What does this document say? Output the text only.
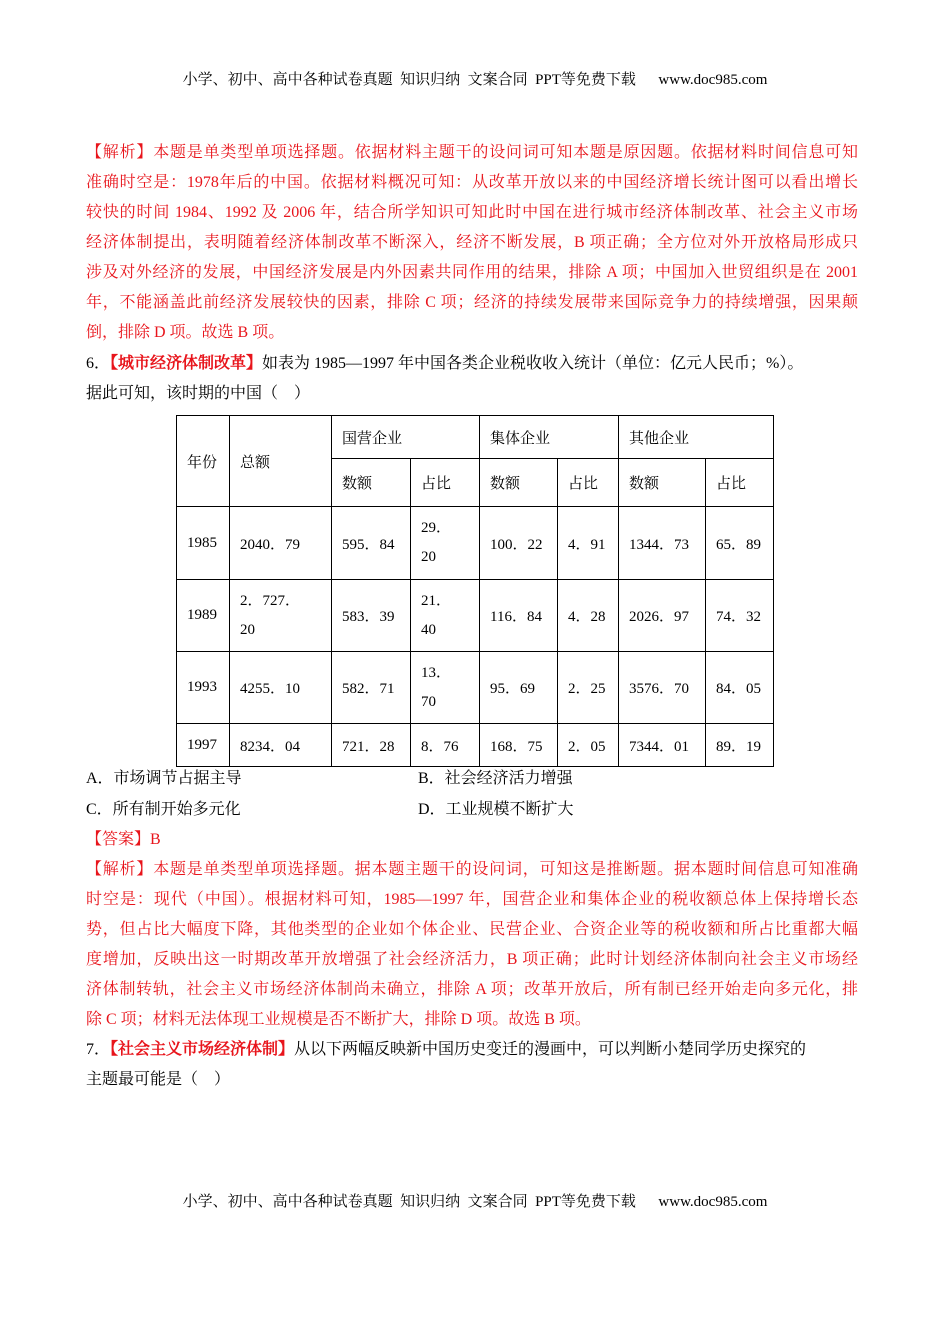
小学、初中、高中各种试卷真题  知识归纳  文案合同  PPT等免费下载      www.doc985.com
【解析】本题是单类型单项选择题。依据材料主题干的设问词可知本题是原因题。依据材料时间信息可知
准确时空是：1978年后的中国。依据材料概况可知：从改革开放以来的中国经济增长统计图可以看出增长
较快的时间 1984、1992 及 2006 年，结合所学知识可知此时中国在进行城市经济体制改革、社会主义市场
经济体制提出，表明随着经济体制改革不断深入，经济不断发展，B 项正确；全方位对外开放格局形成只
涉及对外经济的发展，中国经济发展是内外因素共同作用的结果，排除 A 项；中国加入世贸组织是在 2001
年，不能涵盖此前经济发展较快的因素，排除 C 项；经济的持续发展带来国际竞争力的持续增强，因果颠
倒，排除 D 项。故选 B 项。
6．【城市经济体制改革】如表为 1985—1997 年中国各类企业税收收入统计（单位：亿元人民币；%）。
据此可知，该时期的中国（　）
年份	总额	国营企业		集体企业		其他企业	
		数额	占比	数额	占比	数额	占比
1985	2040．79	595．84	29．20	100．22	4．91	1344．73	65．89
1989	2．727．20	583．39	21．40	116．84	4．28	2026．97	74．32
1993	4255．10	582．71	13．70	95．69	2．25	3576．70	84．05
1997	8234．04	721．28	8．76	168．75	2．05	7344．01	89．19
A．市场调节占据主导	B．社会经济活力增强
C．所有制开始多元化	D．工业规模不断扩大
【答案】B
【解析】本题是单类型单项选择题。据本题主题干的设问词，可知这是推断题。据本题时间信息可知准确
时空是：现代（中国）。根据材料可知，1985—1997 年，国营企业和集体企业的税收额总体上保持增长态
势，但占比大幅度下降，其他类型的企业如个体企业、民营企业、合资企业等的税收额和所占比重都大幅
度增加，反映出这一时期改革开放增强了社会经济活力，B 项正确；此时计划经济体制向社会主义市场经
济体制转轨，社会主义市场经济体制尚未确立，排除 A 项；改革开放后，所有制已经开始走向多元化，排
除 C 项；材料无法体现工业规模是否不断扩大，排除 D 项。故选 B 项。
7．【社会主义市场经济体制】从以下两幅反映新中国历史变迁的漫画中，可以判断小楚同学历史探究的
主题最可能是（　）
小学、初中、高中各种试卷真题  知识归纳  文案合同  PPT等免费下载      www.doc985.com
